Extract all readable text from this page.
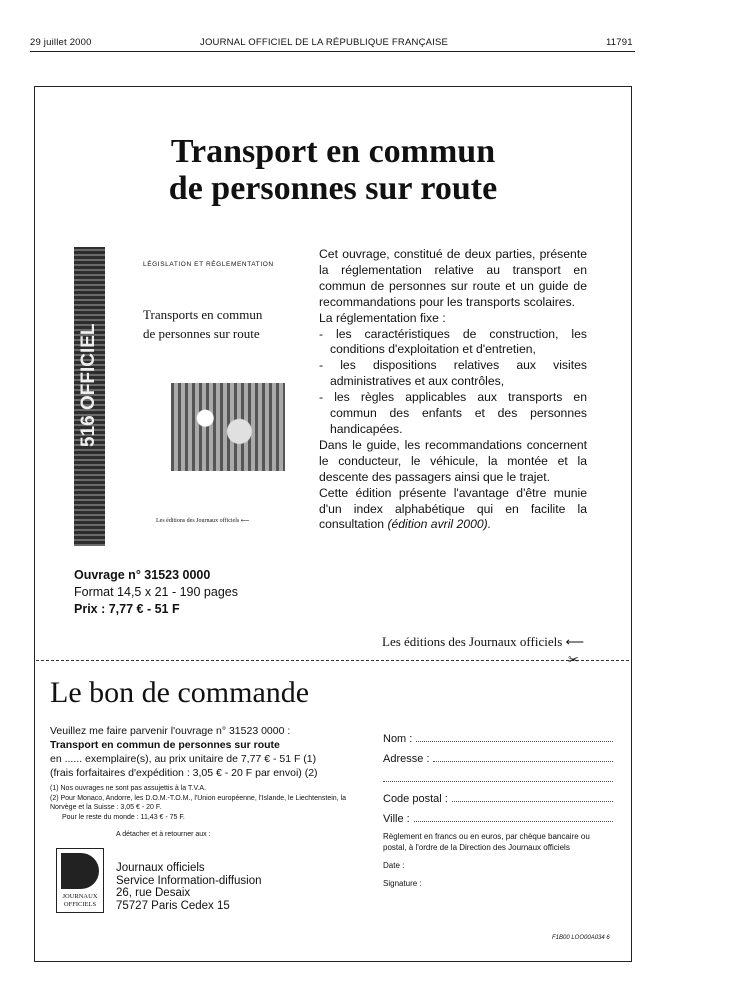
29 juillet 2000	JOURNAL OFFICIEL DE LA RÉPUBLIQUE FRANÇAISE	11791
Transport en commun
de personnes sur route
516 OFFICIEL
LÉGISLATION ET RÉGLEMENTATION
Transports en commun
de personnes sur route
Les éditions des Journaux officiels ⟵

Cet ouvrage, constitué de deux parties, présente la réglementation relative au transport en commun de personnes sur route et un guide de recommandations pour les transports scolaires.

La réglementation fixe :

- les caractéristiques de construction, les conditions d'exploitation et d'entretien,

- les dispositions relatives aux visites administratives et aux contrôles,

- les règles applicables aux transports en commun des enfants et des personnes handicapées.

Dans le guide, les recommandations concernent le conducteur, le véhicule, la montée et la descente des passagers ainsi que le trajet.

Cette édition présente l'avantage d'être munie d'un index alphabétique qui en facilite la consultation (édition avril 2000).

Ouvrage n° 31523 0000
Format 14,5 x 21 - 190 pages
Prix : 7,77 € - 51 F
Les éditions des Journaux officiels ⟵
✂
Le bon de commande
Veuillez me faire parvenir l'ouvrage n° 31523 0000 :
Transport en commun de personnes sur route
en ...... exemplaire(s), au prix unitaire de 7,77 € - 51 F (1)
(frais forfaitaires d'expédition : 3,05 € - 20 F par envoi) (2)
(1) Nos ouvrages ne sont pas assujettis à la T.V.A.
(2) Pour Monaco, Andorre, les D.O.M.-T.O.M., l'Union européenne, l'Islande, le Liechtenstein, la Norvège et la Suisse : 3,05 € - 20 F.
Pour le reste du monde : 11,43 € - 75 F.
A détacher et à retourner aux :
Nom :
Adresse :
Code postal :
Ville :
Règlement en francs ou en euros, par chèque bancaire ou postal, à l'ordre de la Direction des Journaux officiels
Date :
Signature :
JOURNAUX OFFICIELS
Journaux officiels
Service Information-diffusion
26, rue Desaix
75727 Paris Cedex 15
F1B00 LOO00A034 6
